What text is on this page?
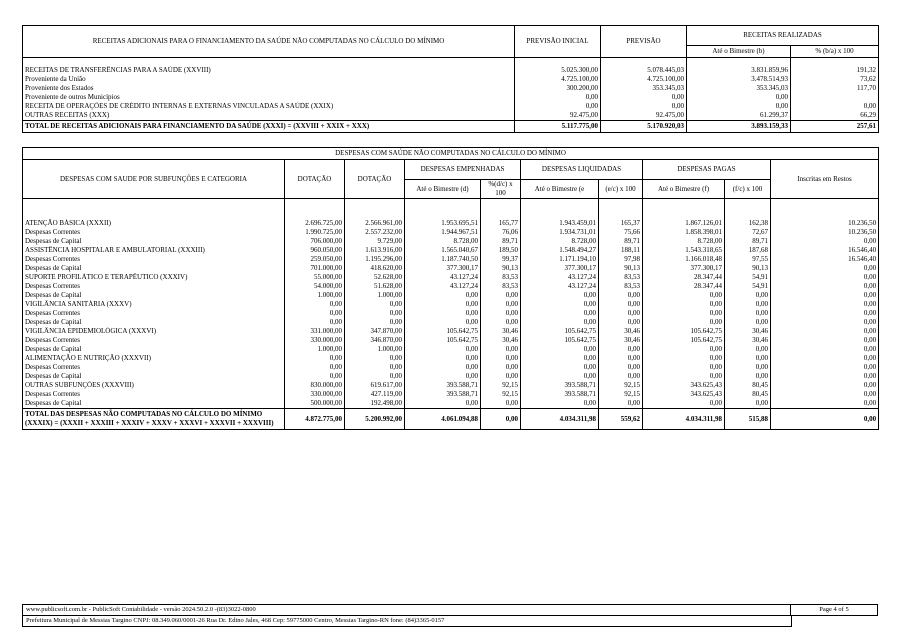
RECEITAS ADICIONAIS PARA O FINANCIAMENTO DA SAÚDE NÃO COMPUTADAS NO CÁLCULO DO MÍNIMO	PREVISÃO INICIAL	PREVISÃO	RECEITAS REALIZADAS	
			Até o Bimestre (b)	% (b/a) x 100

RECEITAS DE TRANSFERÊNCIAS PARA A SAÚDE (XXVIII)	5.025.300,00	5.078.445,03	3.831.859,96	191,32
Proveniente da União	4.725.100,00	4.725.100,00	3.478.514,93	73,62
Proveniente dos Estados	300.200,00	353.345,03	353.345,03	117,70
Proveniente de outros Municípios	0,00	0,00	0,00	
RECEITA DE OPERAÇÕES DE CRÉDITO INTERNAS E EXTERNAS VINCULADAS A SAÚDE (XXIX)	0,00	0,00	0,00	0,00
OUTRAS RECEITAS (XXX)	92.475,00	92.475,00	61.299,37	66,29
TOTAL DE RECEITAS ADICIONAIS PARA FINANCIAMENTO DA SAÚDE (XXXI) = (XXVIII + XXIX + XXX)	5.117.775,00	5.170.920,03	3.893.159,33	257,61
DESPESAS COM SAÚDE NÃO COMPUTADAS NO CÁLCULO DO MÍNIMO									
DESPESAS COM SAUDE POR SUBFUNÇÕES E CATEGORIA	DOTAÇÃO	DOTAÇÃO	DESPESAS EMPENHADAS		DESPESAS LIQUIDADAS		DESPESAS PAGAS		Inscritas em Restos
			Até o Bimestre (d)	%(d/c) x 100	Até o Bimestre (e	(e/c) x 100	Até o Bimestre (f)	(f/c) x 100	

ATENÇÃO BÁSICA (XXXII)	2.696.725,00	2.566.961,00	1.953.695,51	165,77	1.943.459,01	165,37	1.867.126,01	162,38	10.236,50
Despesas Correntes	1.990.725,00	2.557.232,00	1.944.967,51	76,06	1.934.731,01	75,66	1.858.398,01	72,67	10.236,50
Despesas de Capital	706.000,00	9.729,00	8.728,00	89,71	8.728,00	89,71	8.728,00	89,71	0,00
ASSISTÊNCIA HOSPITALAR E AMBULATORIAL (XXXIII)	960.050,00	1.613.916,00	1.565.040,67	189,50	1.548.494,27	188,11	1.543.318,65	187,68	16.546,40
Despesas Correntes	259.050,00	1.195.296,00	1.187.740,50	99,37	1.171.194,10	97,98	1.166.018,48	97,55	16.546,40
Despesas de Capital	701.000,00	418.620,00	377.300,17	90,13	377.300,17	90,13	377.300,17	90,13	0,00
SUPORTE PROFILÁTICO E TERAPÊUTICO (XXXIV)	55.000,00	52.628,00	43.127,24	83,53	43.127,24	83,53	28.347,44	54,91	0,00
Despesas Correntes	54.000,00	51.628,00	43.127,24	83,53	43.127,24	83,53	28.347,44	54,91	0,00
Despesas de Capital	1.000,00	1.000,00	0,00	0,00	0,00	0,00	0,00	0,00	0,00
VIGILÂNCIA SANITÁRIA (XXXV)	0,00	0,00	0,00	0,00	0,00	0,00	0,00	0,00	0,00
Despesas Correntes	0,00	0,00	0,00	0,00	0,00	0,00	0,00	0,00	0,00
Despesas de Capital	0,00	0,00	0,00	0,00	0,00	0,00	0,00	0,00	0,00
VIGILÂNCIA EPIDEMIOLÓGICA (XXXVI)	331.000,00	347.870,00	105.642,75	30,46	105.642,75	30,46	105.642,75	30,46	0,00
Despesas Correntes	330.000,00	346.870,00	105.642,75	30,46	105.642,75	30,46	105.642,75	30,46	0,00
Despesas de Capital	1.000,00	1.000,00	0,00	0,00	0,00	0,00	0,00	0,00	0,00
ALIMENTAÇÃO E NUTRIÇÃO (XXXVII)	0,00	0,00	0,00	0,00	0,00	0,00	0,00	0,00	0,00
Despesas Correntes	0,00	0,00	0,00	0,00	0,00	0,00	0,00	0,00	0,00
Despesas de Capital	0,00	0,00	0,00	0,00	0,00	0,00	0,00	0,00	0,00
OUTRAS SUBFUNÇÕES (XXXVIII)	830.000,00	619.617,00	393.588,71	92,15	393.588,71	92,15	343.625,43	80,45	0,00
Despesas Correntes	330.000,00	427.119,00	393.588,71	92,15	393.588,71	92,15	343.625,43	80,45	0,00
Despesas de Capital	500.000,00	192.498,00	0,00	0,00	0,00	0,00	0,00	0,00	0,00
TOTAL DAS DESPESAS NÃO COMPUTADAS NO CÁLCULO DO MÍNIMO (XXXIX) = (XXXII + XXXIII + XXXIV + XXXV + XXXVI + XXXVII + XXXVIII)	4.872.775,00	5.200.992,00	4.061.094,88	0,00	4.034.311,98	559,62	4.034.311,98	515,88	0,00
www.publicsoft.com.br - PublicSoft Contabilidade - versão 2024.50.2.0 -(83)3022-0800
Prefeitura Municipal de Messias Targino CNPJ: 08.349.060/0001-26 Rua Dr. Edino Jales, 468 Cep: 59775000 Centro, Messias Targino-RN fone: (84)3365-0157
Page 4 of 5
